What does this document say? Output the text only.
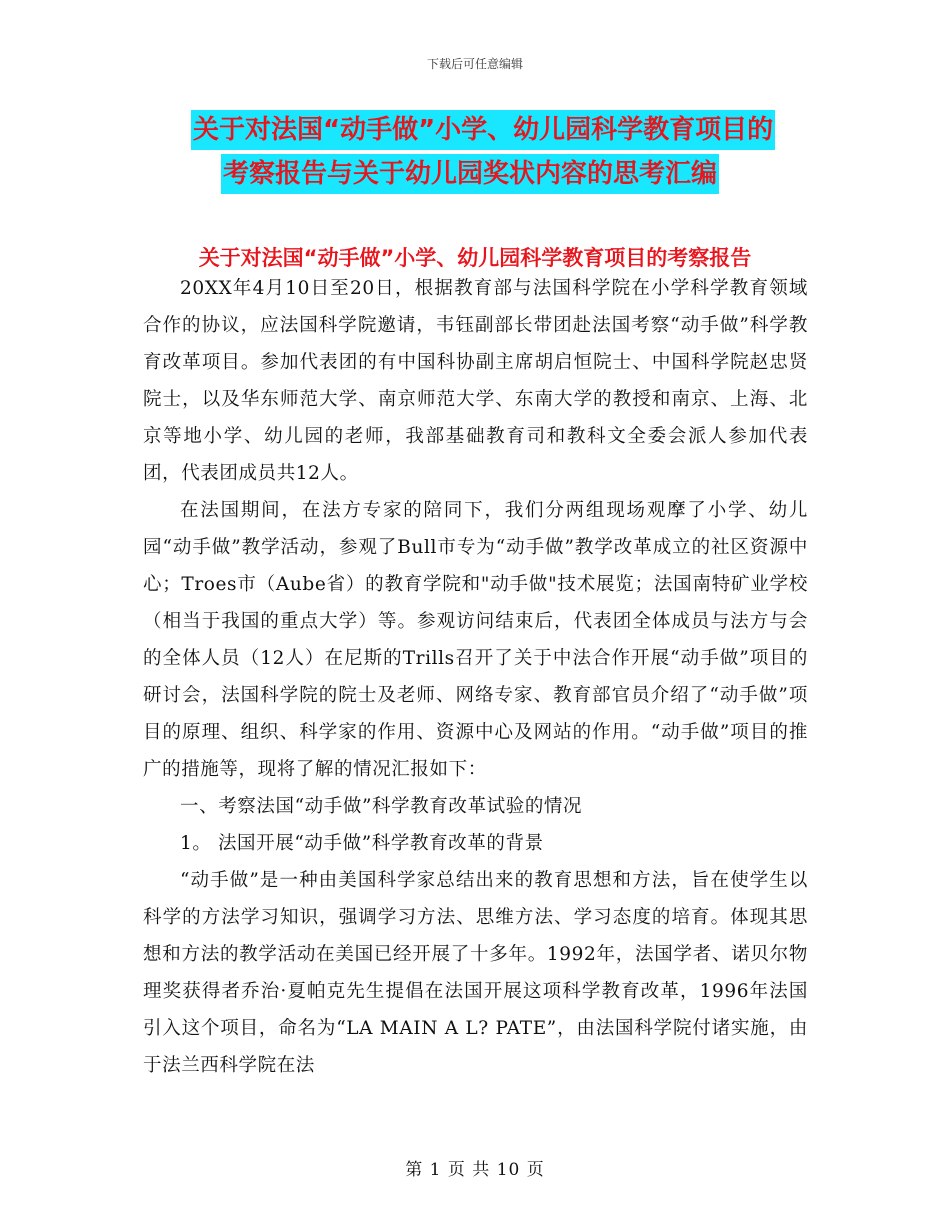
下载后可任意编辑
关于对法国“动手做”小学、幼儿园科学教育项目的
考察报告与关于幼儿园奖状内容的思考汇编
关于对法国“动手做”小学、幼儿园科学教育项目的考察报告

20XX年4月10日至20日，根据教育部与法国科学院在小学科学教育领域合作的协议，应法国科学院邀请，韦钰副部长带团赴法国考察“动手做”科学教育改革项目。参加代表团的有中国科协副主席胡启恒院士、中国科学院赵忠贤院士，以及华东师范大学、南京师范大学、东南大学的教授和南京、上海、北京等地小学、幼儿园的老师，我部基础教育司和教科文全委会派人参加代表团，代表团成员共12人。

在法国期间，在法方专家的陪同下，我们分两组现场观摩了小学、幼儿园“动手做”教学活动，参观了Bull市专为“动手做”教学改革成立的社区资源中心；Troes市（Aube省）的教育学院和"动手做"技术展览；法国南特矿业学校（相当于我国的重点大学）等。参观访问结束后，代表团全体成员与法方与会的全体人员（12人）在尼斯的Trills召开了关于中法合作开展“动手做”项目的研讨会，法国科学院的院士及老师、网络专家、教育部官员介绍了“动手做”项目的原理、组织、科学家的作用、资源中心及网站的作用。“动手做”项目的推广的措施等，现将了解的情况汇报如下：

一、考察法国“动手做”科学教育改革试验的情况

1。 法国开展“动手做”科学教育改革的背景

“动手做”是一种由美国科学家总结出来的教育思想和方法，旨在使学生以科学的方法学习知识，强调学习方法、思维方法、学习态度的培育。体现其思想和方法的教学活动在美国已经开展了十多年。1992年，法国学者、诺贝尔物理奖获得者乔治·夏帕克先生提倡在法国开展这项科学教育改革，1996年法国引入这个项目，命名为“LA MAIN A L? PATE”，由法国科学院付诸实施，由于法兰西科学院在法

第 1 页 共 10 页
